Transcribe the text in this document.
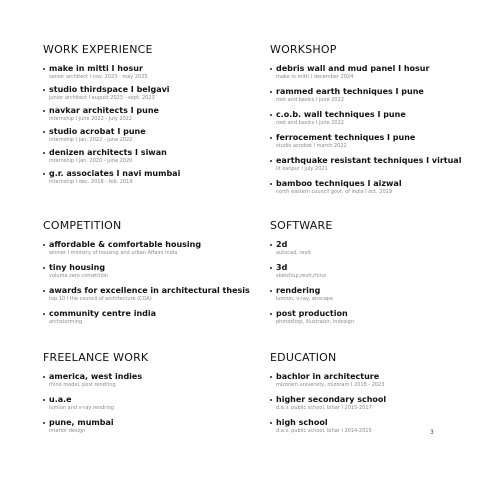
WORK EXPERIENCE
make in mitti I hosur
senior architect I nov. 2023 - may 2025
studio thirdspace I belgavi
junior architect I august 2023 - sept. 2023
navkar architects I pune
internship I june 2022 - july 2022
studio acrobat I pune
internship I jan. 2022 - june 2022
denizen architects I siwan
internship I jan. 2020 - june 2020
g.r. associates I navi mumbai
internship I dec. 2018 - feb. 2019
WORKSHOP
debris wall and mud panel I hosur
make in mitti I december 2024
rammed earth techniques I pune
root and basics I june 2022
c.o.b. wall techniques I pune
root and basics I june 2022
ferrocement techniques I pune
studio acrobat I march 2022
earthquake resistant techniques I virtual
iit kanpur I july 2021
bamboo techniques I aizwal
north eastern council govt. of india I oct. 2019
COMPETITION
affordable & comfortable housing
winner I ministry of housing and urban Affairs india
tiny housing
volume zero cometition
awards for excellence in architectural thesis
top 10 I the council of architecture (COA)
community centre india
archstorming
SOFTWARE
2d
autocad, revit
3d
sketchup,revit,rhino
rendering
lumion, v-ray, enscape
post production
photoshop, illustrator, indesign
FREELANCE WORK
america, west indies
rhino model, post rendring
u.a.e
lumion and v-ray rendring
pune, mumbai
interior design
EDUCATION
bachlor in architecture
mizoram university, mizoram I 2018 - 2023
higher secondary school
d.a.v. public school, bihar I 2015-2017
high school
d.a.v. public school, bihar I 2014-2015	3
